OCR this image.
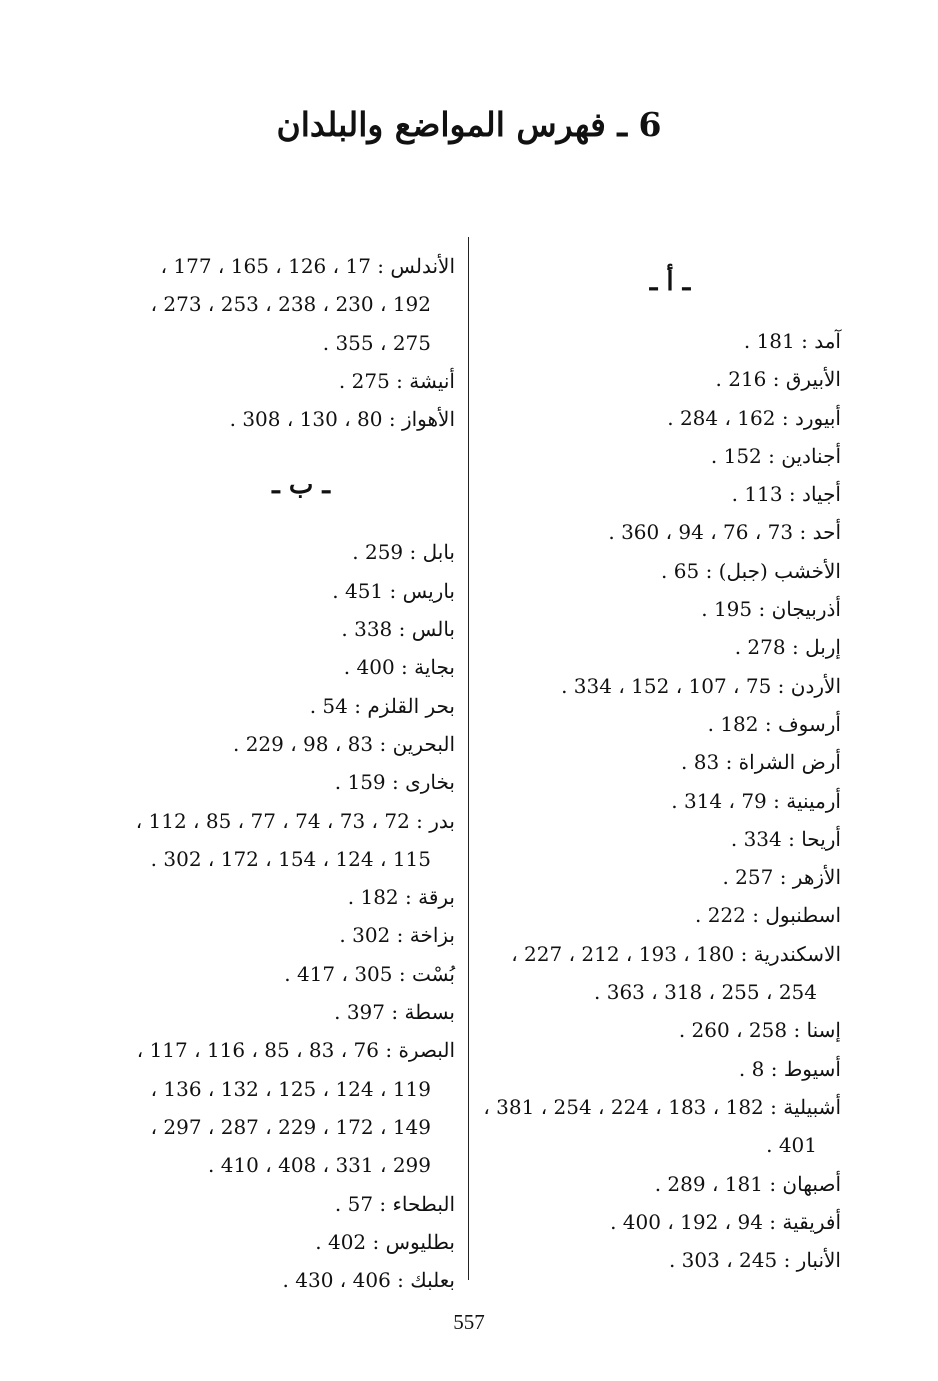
6 ـ فهرس المواضع والبلدان
ـ أ ـ
آمد : 181 .
الأبيرق : 216 .
أبيورد : 162 ، 284 .
أجنادين : 152 .
أجياد : 113 .
أحد : 73 ، 76 ، 94 ، 360 .
الأخشب (جبل) : 65 .
أذربيجان : 195 .
إربل : 278 .
الأردن : 75 ، 107 ، 152 ، 334 .
أرسوف : 182 .
أرض الشراة : 83 .
أرمينية : 79 ، 314 .
أريحا : 334 .
الأزهر : 257 .
اسطنبول : 222 .
الاسكندرية : 180 ، 193 ، 212 ، 227 ،
254 ، 255 ، 318 ، 363 .
إسنا : 258 ، 260 .
أسيوط : 8 .
أشبيلية : 182 ، 183 ، 224 ، 254 ، 381 ،
401 .
أصبهان : 181 ، 289 .
أفريقية : 94 ، 192 ، 400 .
الأنبار : 245 ، 303 .
الأندلس : 17 ، 126 ، 165 ، 177 ،
192 ، 230 ، 238 ، 253 ، 273 ،
275 ، 355 .
أنيشة : 275 .
الأهواز : 80 ، 130 ، 308 .
ـ ب ـ
بابل : 259 .
باريس : 451 .
بالس : 338 .
بجاية : 400 .
بحر القلزم : 54 .
البحرين : 83 ، 98 ، 229 .
بخارى : 159 .
بدر : 72 ، 73 ، 74 ، 77 ، 85 ، 112 ،
115 ، 124 ، 154 ، 172 ، 302 .
برقة : 182 .
بزاخة : 302 .
بُسْت : 305 ، 417 .
بسطة : 397 .
البصرة : 76 ، 83 ، 85 ، 116 ، 117 ،
119 ، 124 ، 125 ، 132 ، 136 ،
149 ، 172 ، 229 ، 287 ، 297 ،
299 ، 331 ، 408 ، 410 .
البطحاء : 57 .
بطليوس : 402 .
بعلبك : 406 ، 430 .
557
